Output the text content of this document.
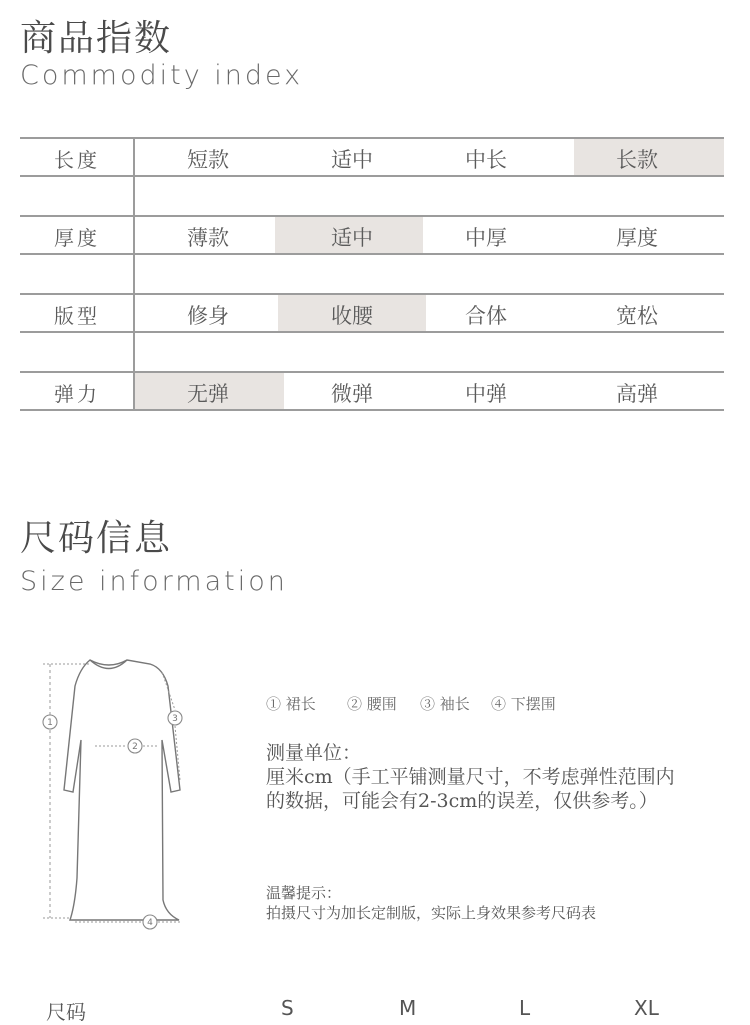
商品指数
Commodity index
长度	短款	适中	中长	长款
厚度	薄款	适中	中厚	厚度
版型	修身	收腰	合体	宽松
弹力	无弹	微弹	中弹	高弹
尺码信息
Size information
1
2
3
4
① 裙长 ② 腰围 ③ 袖长 ④ 下摆围
测量单位：
厘米cm（手工平铺测量尺寸，不考虑弹性范围内
的数据，可能会有2-3cm的误差，仅供参考。）
温馨提示：
拍摄尺寸为加长定制版，实际上身效果参考尺码表
尺码	S	M	L	XL
